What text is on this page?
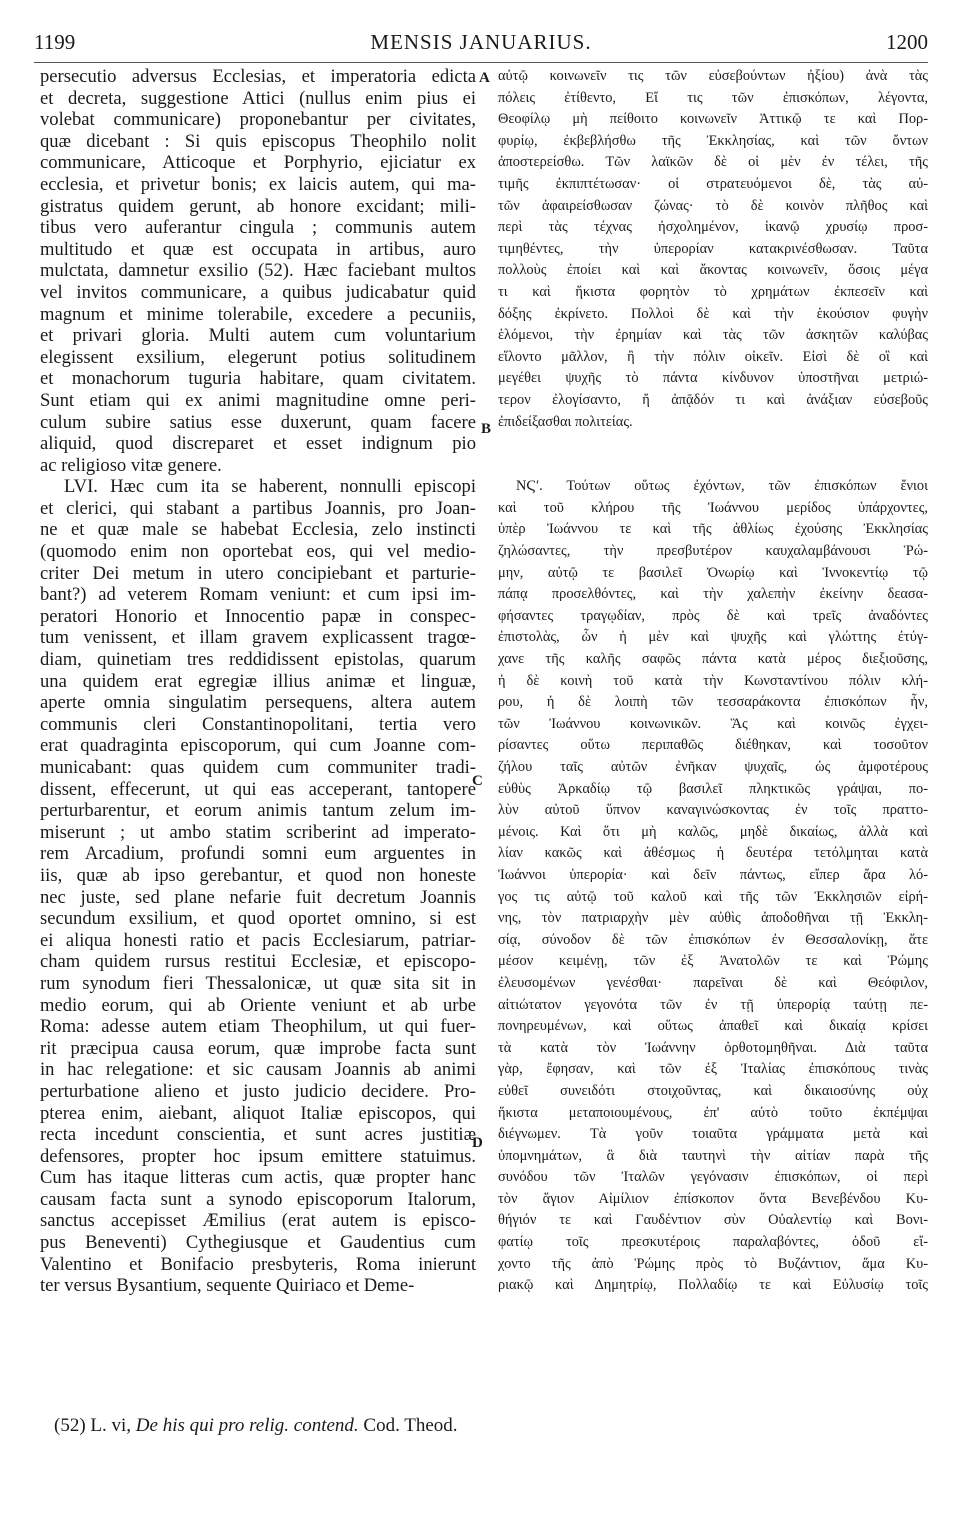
1199	MENSIS JANUARIUS.	1200
persecutio adversus Ecclesias, et imperatoria edicta
et decreta, suggestione Attici (nullus enim pius ei
volebat communicare) proponebantur per civitates,
quæ dicebant : Si quis episcopus Theophilo nolit
communicare, Atticoque et Porphyrio, ejiciatur ex
ecclesia, et privetur bonis; ex laicis autem, qui ma-
gistratus quidem gerunt, ab honore excidant; mili-
tibus vero auferantur cingula ; communis autem
multitudo et quæ est occupata in artibus, auro
mulctata, damnetur exsilio (52). Hæc faciebant multos
vel invitos communicare, a quibus judicabatur quid
magnum et minime tolerabile, excedere a pecuniis,
et privari gloria. Multi autem cum voluntarium
elegissent exsilium, elegerunt potius solitudinem
et monachorum tuguria habitare, quam civitatem.
Sunt etiam qui ex animi magnitudine omne peri-
culum subire satius esse duxerunt, quam facere
aliquid, quod discreparet et esset indignum pio
ac religioso vitæ genere.
LVI. Hæc cum ita se haberent, nonnulli episcopi
et clerici, qui stabant a partibus Joannis, pro Joan-
ne et quæ male se habebat Ecclesia, zelo instincti
(quomodo enim non oportebat eos, qui vel medio-
criter Dei metum in utero concipiebant et parturie-
bant?) ad veterem Romam veniunt: et cum ipsi im-
peratori Honorio et Innocentio papæ in conspec-
tum venissent, et illam gravem explicassent tragœ-
diam, quinetiam tres reddidissent epistolas, quarum
una quidem erat egregiæ illius animæ et linguæ,
aperte omnia singulatim persequens, altera autem
communis cleri Constantinopolitani, tertia vero
erat quadraginta episcoporum, qui cum Joanne com-
municabant: quas quidem cum communiter tradi-
dissent, effecerunt, ut qui eas acceperant, tantopere
perturbarentur, et eorum animis tantum zelum im-
miserunt ; ut ambo statim scriberint ad imperato-
rem Arcadium, profundi somni eum arguentes in
iis, quæ ab ipso gerebantur, et quod non honeste
nec juste, sed plane nefarie fuit decretum Joannis
secundum exsilium, et quod oportet omnino, si est
ei aliqua honesti ratio et pacis Ecclesiarum, patriar-
cham quidem rursus restitui Ecclesiæ, et episcopo-
rum synodum fieri Thessalonicæ, ut quæ sita sit in
medio eorum, qui ab Oriente veniunt et ab urbe
Roma: adesse autem etiam Theophilum, ut qui fuer-
rit præcipua causa eorum, quæ improbe facta sunt
in hac relegatione: et sic causam Joannis ab animi
perturbatione alieno et justo judicio decidere. Pro-
pterea enim, aiebant, aliquot Italiæ episcopos, qui
recta incedunt conscientia, et sunt acres justitiæ
defensores, propter hoc ipsum emittere statuimus.
Cum has itaque litteras cum actis, quæ propter hanc
causam facta sunt a synodo episcoporum Italorum,
sanctus accepisset Æmilius (erat autem is episco-
pus Beneventi) Cythegiusque et Gaudentius cum
Valentino et Bonifacio presbyteris, Roma inierunt
ter versus Bysantium, sequente Quiriaco et Deme-
αὐτῷ κοινωνεῖν τις τῶν εὐσεβούντων ἠξίου) ἀνὰ τὰς
πόλεις ἐτίθεντο, Εἴ τις τῶν ἐπισκόπων, λέγοντα,
Θεοφίλῳ μὴ πείθοιτο κοινωνεῖν Ἀττικῷ τε καὶ Πορ-
φυρίῳ, ἐκβεβλήσθω τῆς Ἐκκλησίας, καὶ τῶν ὄντων
ἀποστερείσθω. Τῶν λαϊκῶν δὲ οἱ μὲν ἐν τέλει, τῆς
τιμῆς ἐκπιπτέτωσαν· οἱ στρατευόμενοι δὲ, τὰς αὐ-
τῶν ἀφαιρείσθωσαν ζώνας· τὸ δὲ κοινὸν πλῆθος καὶ
περὶ τὰς τέχνας ἠσχολημένον, ἱκανῷ χρυσίῳ προσ-
τιμηθέντες, τὴν ὑπερορίαν κατακρινέσθωσαν. Ταῦτα
πολλοὺς ἐποίει καὶ καὶ ἄκοντας κοινωνεῖν, ὅσοις μέγα
τι καὶ ἥκιστα φορητὸν τὸ χρημάτων ἐκπεσεῖν καὶ
δόξης ἐκρίνετο. Πολλοὶ δὲ καὶ τὴν ἑκούσιον φυγὴν
ἑλόμενοι, τὴν ἐρημίαν καὶ τὰς τῶν ἀσκητῶν καλύβας
εἵλοντο μᾶλλον, ἢ τὴν πόλιν οἰκεῖν. Εἰσὶ δὲ οἳ καὶ
μεγέθει ψυχῆς τὸ πάντα κίνδυνον ὑποστῆναι μετριώ-
τερον ἐλογίσαντο, ἤ ἀπᾷδόν τι καὶ ἀνάξιαν εὐσεβοῦς
ἐπιδείξασθαι πολιτείας.
ΝϚʹ. Τούτων οὕτως ἐχόντων, τῶν ἐπισκόπων ἔνιοι
καὶ τοῦ κλήρου τῆς Ἰωάννου μερίδος ὑπάρχοντες,
ὑπὲρ Ἰωάννου τε καὶ τῆς ἀθλίως ἐχούσης Ἐκκλησίας
ζηλώσαντες, τὴν πρεσβυτέρον καυχαλαμβάνουσι Ῥώ-
μην, αὐτῷ τε βασιλεῖ Ὀνωρίῳ καὶ Ἰννοκεντίῳ τῷ
πάπᾳ προσελθόντες, καὶ τὴν χαλεπὴν ἐκείνην δεασα-
φήσαντες τραγῳδίαν, πρὸς δὲ καὶ τρεῖς ἀναδόντες
ἐπιστολὰς, ὧν ἡ μὲν καὶ ψυχῆς καὶ γλώττης ἐτύγ-
χανε τῆς καλῆς σαφῶς πάντα κατὰ μέρος διεξιοῦσης,
ἡ δὲ κοινὴ τοῦ κατὰ τὴν Κωνσταντίνου πόλιν κλή-
ρου, ἡ δὲ λοιπὴ τῶν τεσσαράκοντα ἐπισκόπων ἦν,
τῶν Ἰωάννου κοινωνικῶν. Ἃς καὶ κοινῶς ἐγχει-
ρίσαντες οὕτω περιπαθῶς διέθηκαν, καὶ τοσοῦτον
ζήλου ταῖς αὐτῶν ἐνῆκαν ψυχαῖς, ὡς ἀμφοτέρους
εὐθὺς Ἀρκαδίῳ τῷ βασιλεῖ πληκτικῶς γράψαι, πο-
λὺν αὐτοῦ ὕπνον καναγινώσκοντας ἐν τοῖς πραττο-
μένοις. Καὶ ὅτι μὴ καλῶς, μηδὲ δικαίως, ἀλλὰ καὶ
λίαν κακῶς καὶ ἀθέσμως ἡ δευτέρα τετόλμηται κατὰ
Ἰωάννοι ὑπερορία· καὶ δεῖν πάντως, εἴπερ ἄρα λό-
γος τις αὐτῷ τοῦ καλοῦ καὶ τῆς τῶν Ἐκκλησιῶν εἰρή-
νης, τὸν πατριαρχὴν μὲν αὐθὶς ἀποδοθῆναι τῇ Ἐκκλη-
σίᾳ, σύνοδον δὲ τῶν ἐπισκόπων ἐν Θεσσαλονίκῃ, ἅτε
μέσον κειμένῃ, τῶν ἐξ Ἀνατολῶν τε καὶ Ῥώμης
ἐλευσομένων γενέσθαι· παρεῖναι δὲ καὶ Θεόφιλον,
αἰτιώτατον γεγονότα τῶν ἐν τῇ ὑπερορίᾳ ταύτῃ πε-
πονηρευμένων, καὶ οὕτως ἀπαθεῖ καὶ δικαίᾳ κρίσει
τὰ κατὰ τὸν Ἰωάννην ὀρθοτομηθῆναι. Διὰ ταῦτα
γὰρ, ἔφησαν, καὶ τῶν ἐξ Ἰταλίας ἐπισκόπους τινὰς
εὐθεῖ συνειδότι στοιχοῦντας, καὶ δικαιοσύνης οὐχ
ἥκιστα μεταποιουμένους, ἐπ' αὐτὸ τοῦτο ἐκπέμψαι
διέγνωμεν. Τὰ γοῦν τοιαῦτα γράμματα μετὰ καὶ
ὑπομνημάτων, ἃ διὰ ταυτηνὶ τὴν αἰτίαν παρὰ τῆς
συνόδου τῶν Ἰταλῶν γεγόνασιν ἐπισκόπων, οἱ περὶ
τὸν ἅγιον Αἰμίλιον ἐπίσκοπον ὄντα Βενεβένδου Κυ-
θήγιόν τε καὶ Γαυδέντιον σὺν Οὐαλεντίῳ καὶ Βονι-
φατίῳ τοῖς πρεσκυτέροις παραλαβόντες, ὁδοῦ εἴ-
χοντο τῆς ἀπὸ Ῥώμης πρὸς τὸ Βυζάντιον, ἅμα Κυ-
ριακῷ καὶ Δημητρίῳ, Πολλαδίῳ τε καὶ Εὐλυσίῳ τοῖς
A
B
C
D
(52) L. vi, De his qui pro relig. contend. Cod. Theod.
